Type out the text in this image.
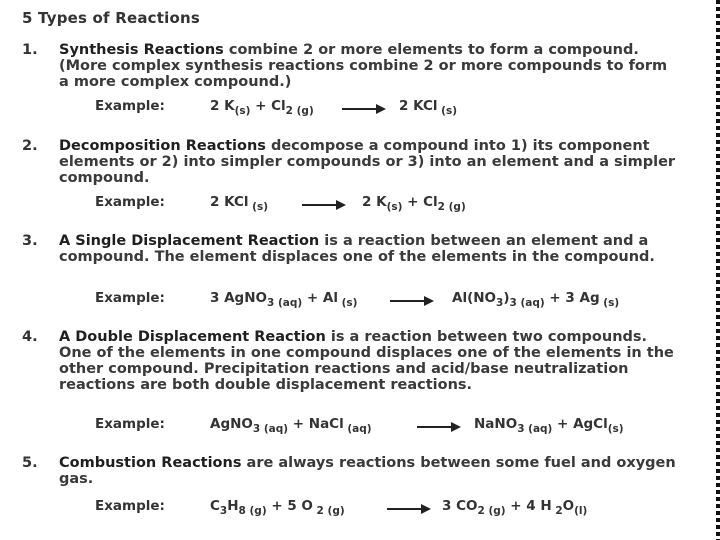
5 Types of Reactions
1. Synthesis Reactions combine 2 or more elements to form a compound. (More complex synthesis reactions combine 2 or more compounds to form a more complex compound.)
Example:	2 $K_{(s)} + Cl_{2 (g)} \to 2$ KCl $_{(s)}$
2. Decomposition Reactions decompose a compound into 1) its component elements or 2) into simpler compounds or 3) into an element and a simpler compound.
Example:	2 KCl $_{(s)}$	→ 2 $K_{(s)} + Cl_{2 (g)}$
3. A Single Displacement Reaction is a reaction between an element and a compound. The element displaces one of the elements in the compound.
Example:	3 AgNO$_{3 (aq)}$ + Al $_{(s)} \to Al(NO_3)_{3 (aq)} + 3$ Ag $_{(s)}$
4. A Double Displacement Reaction is a reaction between two compounds. One of the elements in one compound displaces one of the elements in the other compound. Precipitation reactions and acid/base neutralization reactions are both double displacement reactions.
Example:	AgNO$_{3 (aq)}$ + NaCl $_{(aq)}$	→ NaNO$_{3 (aq)}$ + AgCl$_{(s)}$
5. Combustion Reactions are always reactions between some fuel and oxygen gas.
Example:	$C_3H_{8 (g)} + 5$ O $_{2 (g)}$	→ 3 $CO_{2 (g)} + 4$ H $_2O_{(l)}$
